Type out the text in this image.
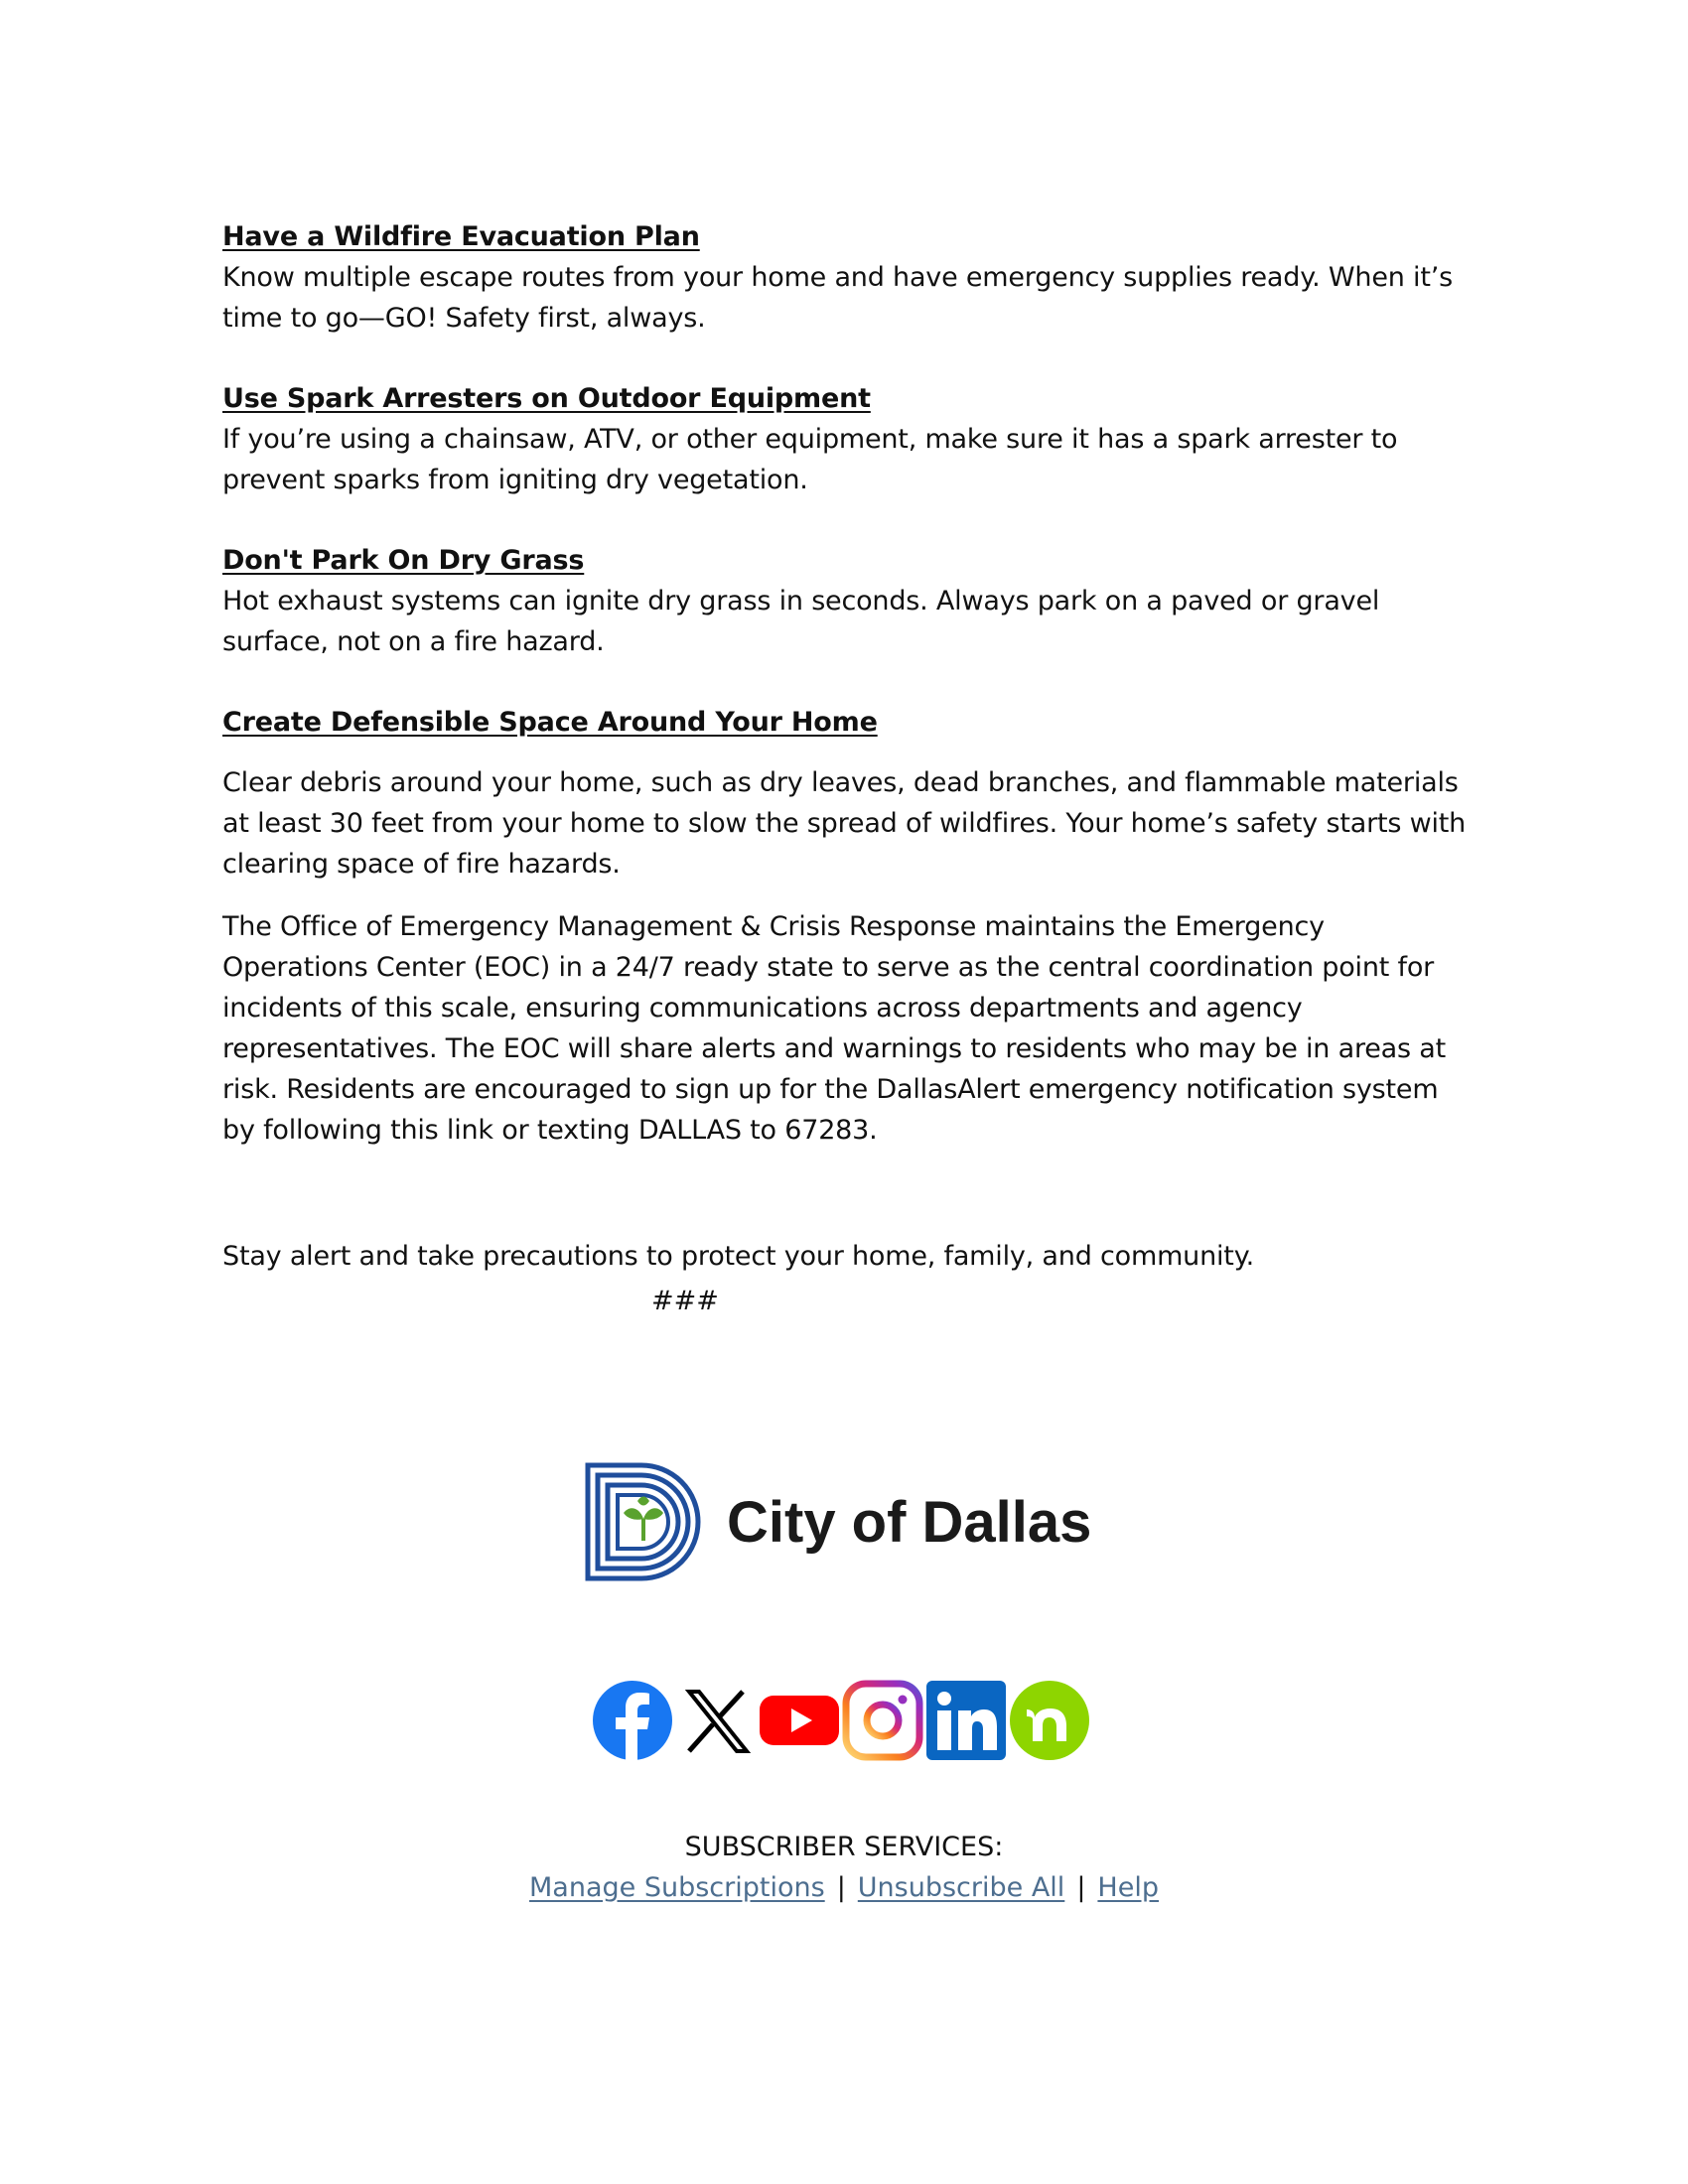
Have a Wildfire Evacuation Plan

Know multiple escape routes from your home and have emergency supplies ready. When it’s time to go—GO! Safety first, always.

Use Spark Arresters on Outdoor Equipment

If you’re using a chainsaw, ATV, or other equipment, make sure it has a spark arrester to prevent sparks from igniting dry vegetation.

Don't Park On Dry Grass

Hot exhaust systems can ignite dry grass in seconds. Always park on a paved or gravel surface, not on a fire hazard.

Create Defensible Space Around Your Home

Clear debris around your home, such as dry leaves, dead branches, and flammable materials at least 30 feet from your home to slow the spread of wildfires. Your home’s safety starts with clearing space of fire hazards.

The Office of Emergency Management & Crisis Response maintains the Emergency Operations Center (EOC) in a 24/7 ready state to serve as the central coordination point for incidents of this scale, ensuring communications across departments and agency representatives. The EOC will share alerts and warnings to residents who may be in areas at risk. Residents are encouraged to sign up for the DallasAlert emergency notification system by following this link or texting DALLAS to 67283.

Stay alert and take precautions to protect your home, family, and community.

###
City of Dallas
SUBSCRIBER SERVICES:
Manage Subscriptions | Unsubscribe All | Help
